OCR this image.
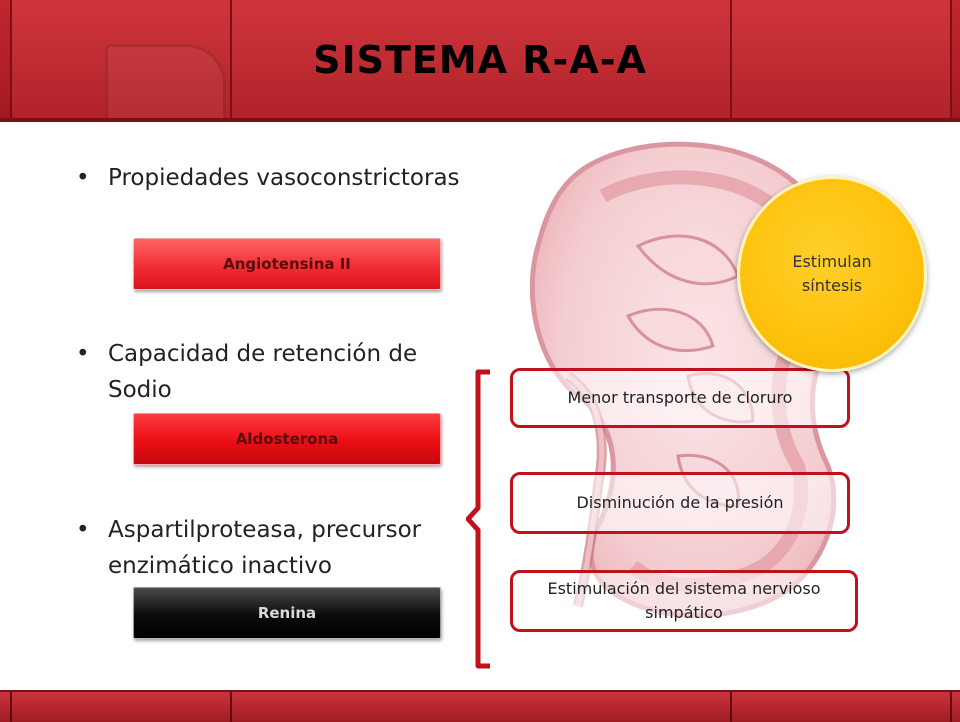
SISTEMA R-A-A
• Propiedades vasoconstrictoras
Angiotensina II
• Capacidad de retención de Sodio
Aldosterona
• Aspartilproteasa, precursor enzimático inactivo
Renina
Menor transporte de cloruro
Disminución de la presión
Estimulación del sistema nervioso simpático
Estimulan síntesis
